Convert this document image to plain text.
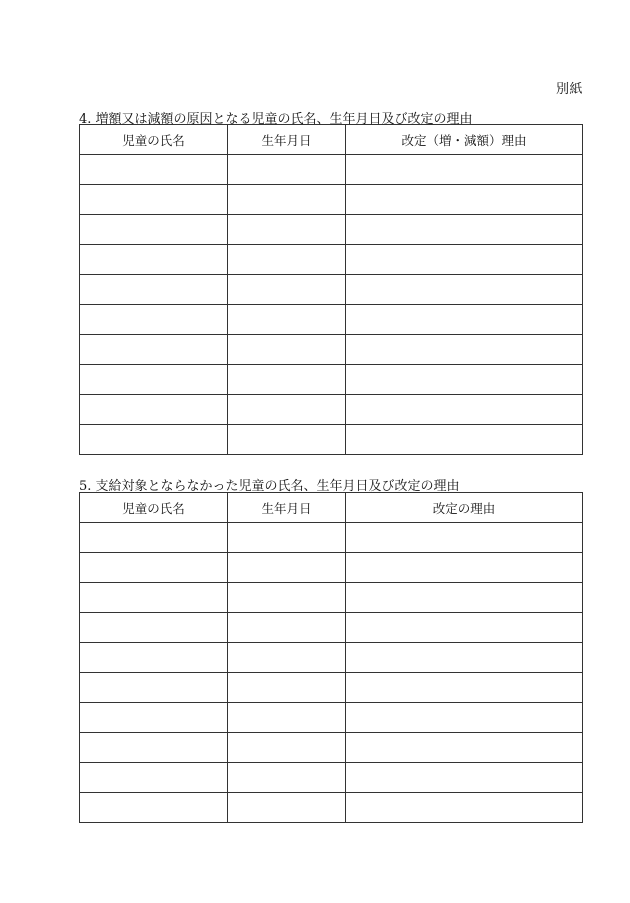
別紙
4. 増額又は減額の原因となる児童の氏名、生年月日及び改定の理由
児童の氏名	生年月日	改定（増・減額）理由

5. 支給対象とならなかった児童の氏名、生年月日及び改定の理由
児童の氏名	生年月日	改定の理由
